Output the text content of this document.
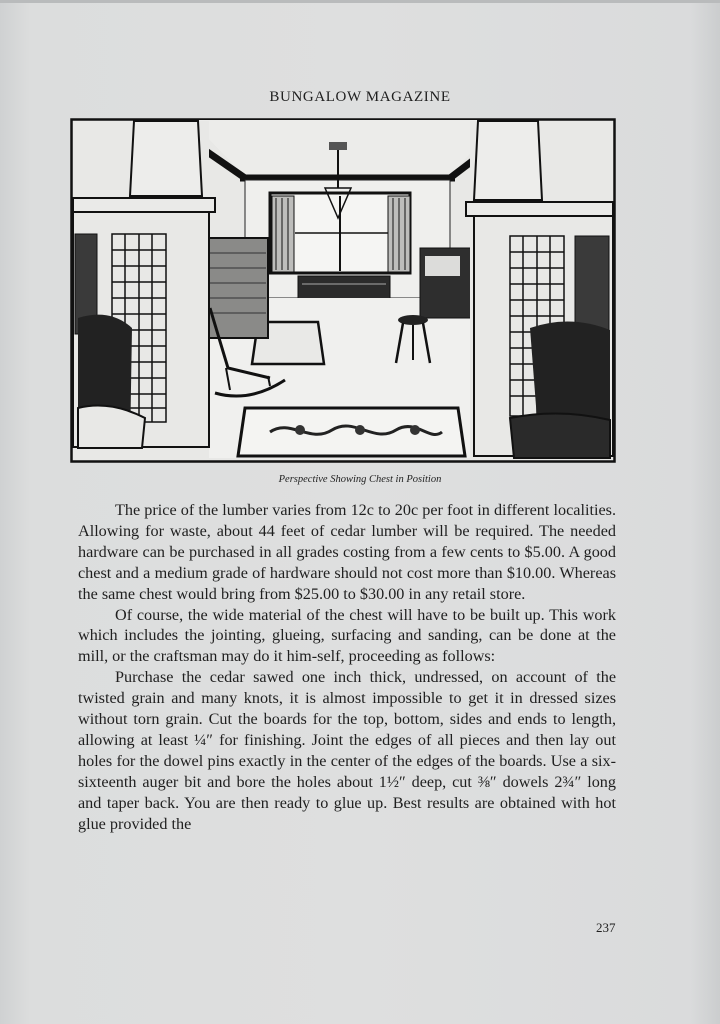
BUNGALOW MAGAZINE
Perspective Showing Chest in Position

The price of the lumber varies from 12c to 20c per foot in different localities. Allowing for waste, about 44 feet of cedar lumber will be required. The needed hardware can be purchased in all grades costing from a few cents to $5.00. A good chest and a medium grade of hardware should not cost more than $10.00. Whereas the same chest would bring from $25.00 to $30.00 in any retail store.

Of course, the wide material of the chest will have to be built up. This work which includes the jointing, glueing, surfacing and sanding, can be done at the mill, or the craftsman may do it him-self, proceeding as follows:

Purchase the cedar sawed one inch thick, undressed, on account of the twisted grain and many knots, it is almost impossible to get it in dressed sizes without torn grain. Cut the boards for the top, bottom, sides and ends to length, allowing at least ¼″ for finishing. Joint the edges of all pieces and then lay out holes for the dowel pins exactly in the center of the edges of the boards. Use a six-sixteenth auger bit and bore the holes about 1½″ deep, cut ⅜″ dowels 2¾″ long and taper back. You are then ready to glue up. Best results are obtained with hot glue provided the

237
